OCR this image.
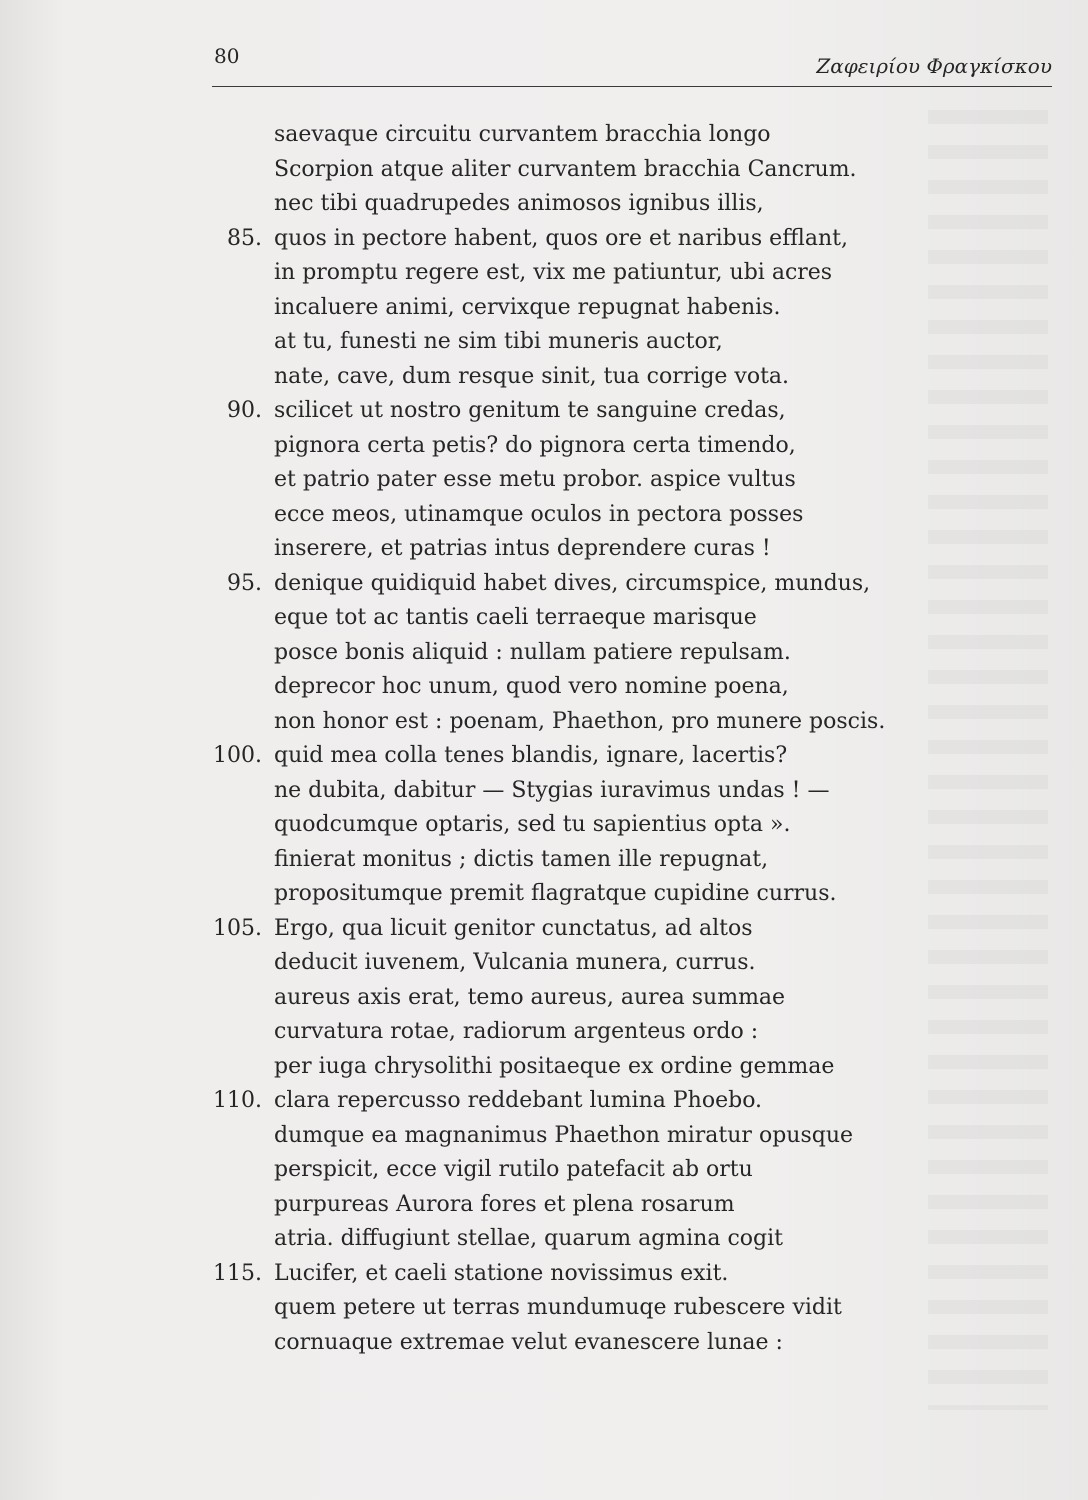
80	Ζαφειρίου Φραγκίσκου
saevaque circuitu curvantem bracchia longo
Scorpion atque aliter curvantem bracchia Cancrum.
nec tibi quadrupedes animosos ignibus illis,
85. quos in pectore habent, quos ore et naribus efflant,
in promptu regere est, vix me patiuntur, ubi acres
incaluere animi, cervixque repugnat habenis.
at tu, funesti ne sim tibi muneris auctor,
nate, cave, dum resque sinit, tua corrige vota.
90. scilicet ut nostro genitum te sanguine credas,
pignora certa petis? do pignora certa timendo,
et patrio pater esse metu probor. aspice vultus
ecce meos, utinamque oculos in pectora posses
inserere, et patrias intus deprendere curas !
95. denique quidiquid habet dives, circumspice, mundus,
eque tot ac tantis caeli terraeque marisque
posce bonis aliquid : nullam patiere repulsam.
deprecor hoc unum, quod vero nomine poena,
non honor est : poenam, Phaethon, pro munere poscis.
100. quid mea colla tenes blandis, ignare, lacertis?
ne dubita, dabitur — Stygias iuravimus undas ! —
quodcumque optaris, sed tu sapientius opta ».
finierat monitus ; dictis tamen ille repugnat,
propositumque premit flagratque cupidine currus.
105. Ergo, qua licuit genitor cunctatus, ad altos
deducit iuvenem, Vulcania munera, currus.
aureus axis erat, temo aureus, aurea summae
curvatura rotae, radiorum argenteus ordo :
per iuga chrysolithi positaeque ex ordine gemmae
110. clara repercusso reddebant lumina Phoebo.
dumque ea magnanimus Phaethon miratur opusque
perspicit, ecce vigil rutilo patefacit ab ortu
purpureas Aurora fores et plena rosarum
atria. diffugiunt stellae, quarum agmina cogit
115. Lucifer, et caeli statione novissimus exit.
quem petere ut terras mundumuqe rubescere vidit
cornuaque extremae velut evanescere lunae :
